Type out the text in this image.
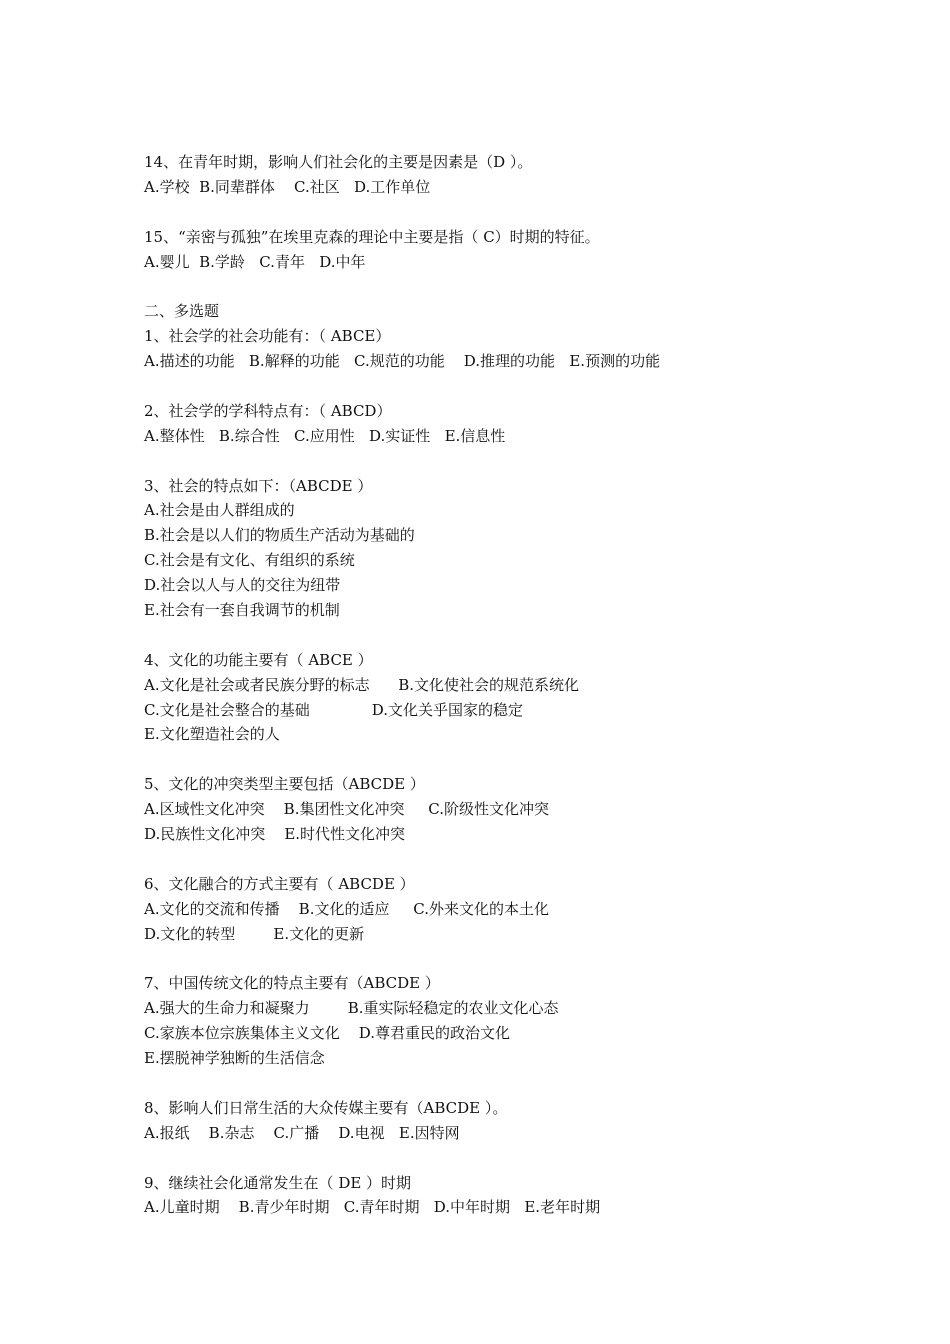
14、在青年时期，影响人们社会化的主要是因素是（D ）。
A.学校  B.同辈群体    C.社区   D.工作单位
15、“亲密与孤独”在埃里克森的理论中主要是指（ C）时期的特征。
A.婴儿  B.学龄   C.青年   D.中年
二、多选题
1、社会学的社会功能有：（ ABCE）
A.描述的功能   B.解释的功能   C.规范的功能    D.推理的功能   E.预测的功能
2、社会学的学科特点有：（ ABCD）
A.整体性   B.综合性   C.应用性   D.实证性   E.信息性
3、社会的特点如下：（ABCDE ）
A.社会是由人群组成的
B.社会是以人们的物质生产活动为基础的
C.社会是有文化、有组织的系统
D.社会以人与人的交往为纽带
E.社会有一套自我调节的机制
4、文化的功能主要有（ ABCE ）
A.文化是社会或者民族分野的标志      B.文化使社会的规范系统化
C.文化是社会整合的基础             D.文化关乎国家的稳定
E.文化塑造社会的人
5、文化的冲突类型主要包括（ABCDE ）
A.区域性文化冲突    B.集团性文化冲突     C.阶级性文化冲突
D.民族性文化冲突    E.时代性文化冲突
6、文化融合的方式主要有（ ABCDE ）
A.文化的交流和传播    B.文化的适应     C.外来文化的本土化
D.文化的转型        E.文化的更新
7、中国传统文化的特点主要有（ABCDE ）
A.强大的生命力和凝聚力        B.重实际轻稳定的农业文化心态
C.家族本位宗族集体主义文化    D.尊君重民的政治文化
E.摆脱神学独断的生活信念
8、影响人们日常生活的大众传媒主要有（ABCDE ）。
A.报纸    B.杂志    C.广播    D.电视   E.因特网
9、继续社会化通常发生在（ DE ）时期
A.儿童时期    B.青少年时期   C.青年时期   D.中年时期   E.老年时期
